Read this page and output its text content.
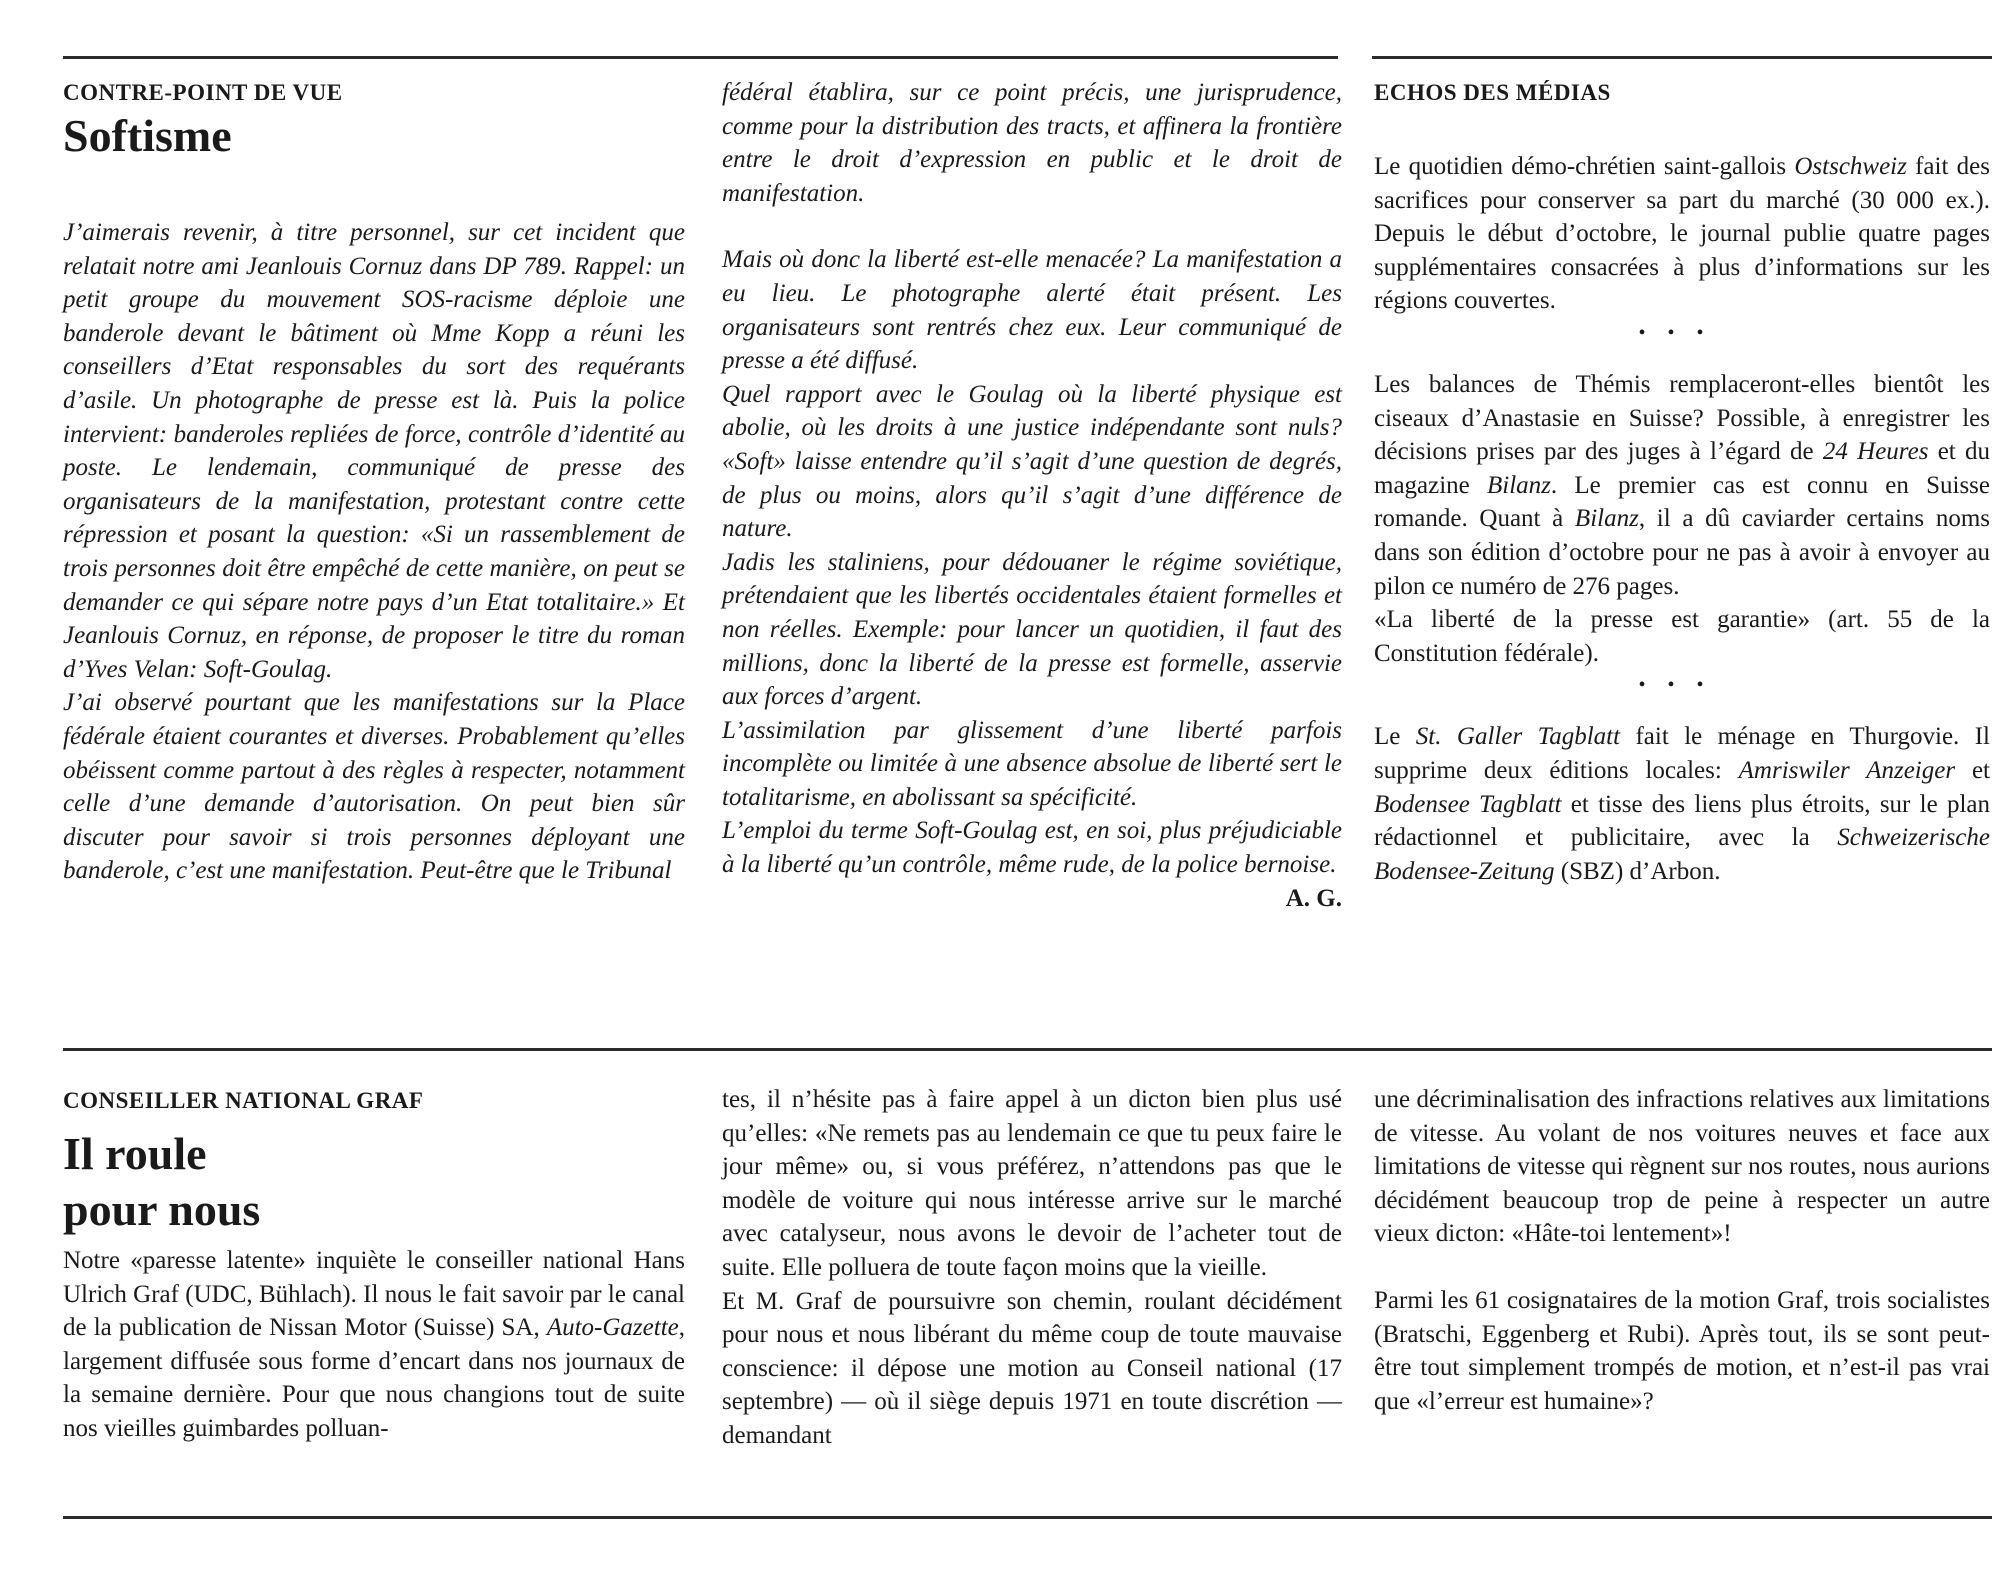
CONTRE-POINT DE VUE

Softisme

J’aimerais revenir, à titre personnel, sur cet incident que relatait notre ami Jeanlouis Cornuz dans DP 789. Rappel: un petit groupe du mouvement SOS-racisme déploie une banderole devant le bâtiment où Mme Kopp a réuni les conseillers d’Etat responsables du sort des requérants d’asile. Un photographe de presse est là. Puis la police intervient: banderoles repliées de force, contrôle d’identité au poste. Le lendemain, communiqué de presse des organisateurs de la manifestation, protestant contre cette répression et posant la question: «Si un rassemblement de trois personnes doit être empêché de cette manière, on peut se demander ce qui sépare notre pays d’un Etat totalitaire.» Et Jeanlouis Cornuz, en réponse, de proposer le titre du roman d’Yves Velan: Soft-Goulag.

J’ai observé pourtant que les manifestations sur la Place fédérale étaient courantes et diverses. Probablement qu’elles obéissent comme partout à des règles à respecter, notamment celle d’une demande d’autorisation. On peut bien sûr discuter pour savoir si trois personnes déployant une banderole, c’est une manifestation. Peut-être que le Tribunal

fédéral établira, sur ce point précis, une jurisprudence, comme pour la distribution des tracts, et affinera la frontière entre le droit d’expression en public et le droit de manifestation.

Mais où donc la liberté est-elle menacée? La manifestation a eu lieu. Le photographe alerté était présent. Les organisateurs sont rentrés chez eux. Leur communiqué de presse a été diffusé.

Quel rapport avec le Goulag où la liberté physique est abolie, où les droits à une justice indépendante sont nuls? «Soft» laisse entendre qu’il s’agit d’une question de degrés, de plus ou moins, alors qu’il s’agit d’une différence de nature.

Jadis les staliniens, pour dédouaner le régime soviétique, prétendaient que les libertés occidentales étaient formelles et non réelles. Exemple: pour lancer un quotidien, il faut des millions, donc la liberté de la presse est formelle, asservie aux forces d’argent.

L’assimilation par glissement d’une liberté parfois incomplète ou limitée à une absence absolue de liberté sert le totalitarisme, en abolissant sa spécificité.

L’emploi du terme Soft-Goulag est, en soi, plus préjudiciable à la liberté qu’un contrôle, même rude, de la police bernoise.

A. G.

ECHOS DES MÉDIAS

Le quotidien démo-chrétien saint-gallois Ostschweiz fait des sacrifices pour conserver sa part du marché (30 000 ex.). Depuis le début d’octobre, le journal publie quatre pages supplémentaires consacrées à plus d’informations sur les régions couvertes.

•••

Les balances de Thémis remplaceront-elles bientôt les ciseaux d’Anastasie en Suisse? Possible, à enregistrer les décisions prises par des juges à l’égard de 24 Heures et du magazine Bilanz. Le premier cas est connu en Suisse romande. Quant à Bilanz, il a dû caviarder certains noms dans son édition d’octobre pour ne pas à avoir à envoyer au pilon ce numéro de 276 pages.

«La liberté de la presse est garantie» (art. 55 de la Constitution fédérale).

•••

Le St. Galler Tagblatt fait le ménage en Thurgovie. Il supprime deux éditions locales: Amriswiler Anzeiger et Bodensee Tagblatt et tisse des liens plus étroits, sur le plan rédactionnel et publicitaire, avec la Schweizerische Bodensee-Zeitung (SBZ) d’Arbon.

CONSEILLER NATIONAL GRAF

Il roule
pour nous

Notre «paresse latente» inquiète le conseiller national Hans Ulrich Graf (UDC, Bühlach). Il nous le fait savoir par le canal de la publication de Nissan Motor (Suisse) SA, Auto-Gazette, largement diffusée sous forme d’encart dans nos journaux de la semaine dernière. Pour que nous changions tout de suite nos vieilles guimbardes polluan-

tes, il n’hésite pas à faire appel à un dicton bien plus usé qu’elles: «Ne remets pas au lendemain ce que tu peux faire le jour même» ou, si vous préférez, n’attendons pas que le modèle de voiture qui nous intéresse arrive sur le marché avec catalyseur, nous avons le devoir de l’acheter tout de suite. Elle polluera de toute façon moins que la vieille.

Et M. Graf de poursuivre son chemin, roulant décidément pour nous et nous libérant du même coup de toute mauvaise conscience: il dépose une motion au Conseil national (17 septembre) — où il siège depuis 1971 en toute discrétion — demandant

une décriminalisation des infractions relatives aux limitations de vitesse. Au volant de nos voitures neuves et face aux limitations de vitesse qui règnent sur nos routes, nous aurions décidément beaucoup trop de peine à respecter un autre vieux dicton: «Hâte-toi lentement»!

Parmi les 61 cosignataires de la motion Graf, trois socialistes (Bratschi, Eggenberg et Rubi). Après tout, ils se sont peut-être tout simplement trompés de motion, et n’est-il pas vrai que «l’erreur est humaine»?
